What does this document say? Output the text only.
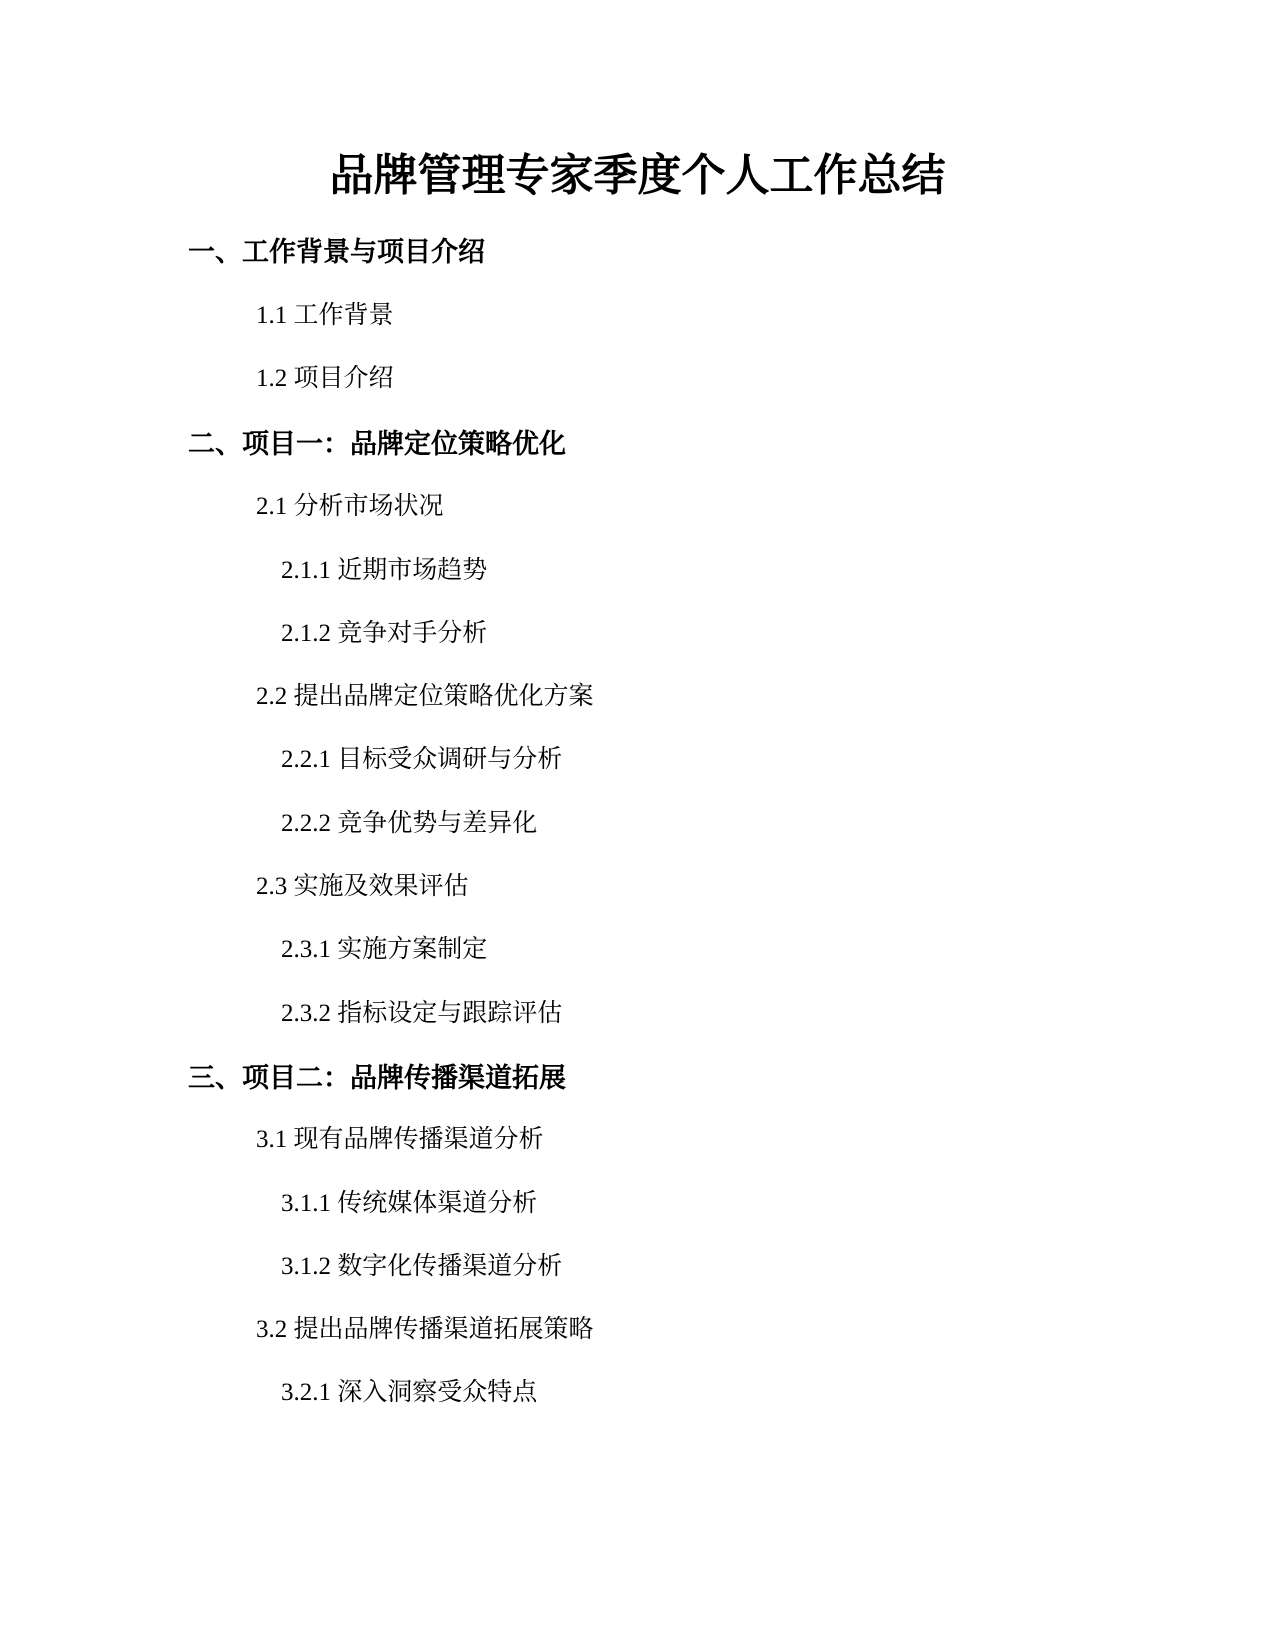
品牌管理专家季度个人工作总结
一、工作背景与项目介绍

1.1 工作背景

1.2 项目介绍

二、项目一：品牌定位策略优化

2.1 分析市场状况

2.1.1 近期市场趋势

2.1.2 竞争对手分析

2.2 提出品牌定位策略优化方案

2.2.1 目标受众调研与分析

2.2.2 竞争优势与差异化

2.3 实施及效果评估

2.3.1 实施方案制定

2.3.2 指标设定与跟踪评估

三、项目二：品牌传播渠道拓展

3.1 现有品牌传播渠道分析

3.1.1 传统媒体渠道分析

3.1.2 数字化传播渠道分析

3.2 提出品牌传播渠道拓展策略

3.2.1 深入洞察受众特点
